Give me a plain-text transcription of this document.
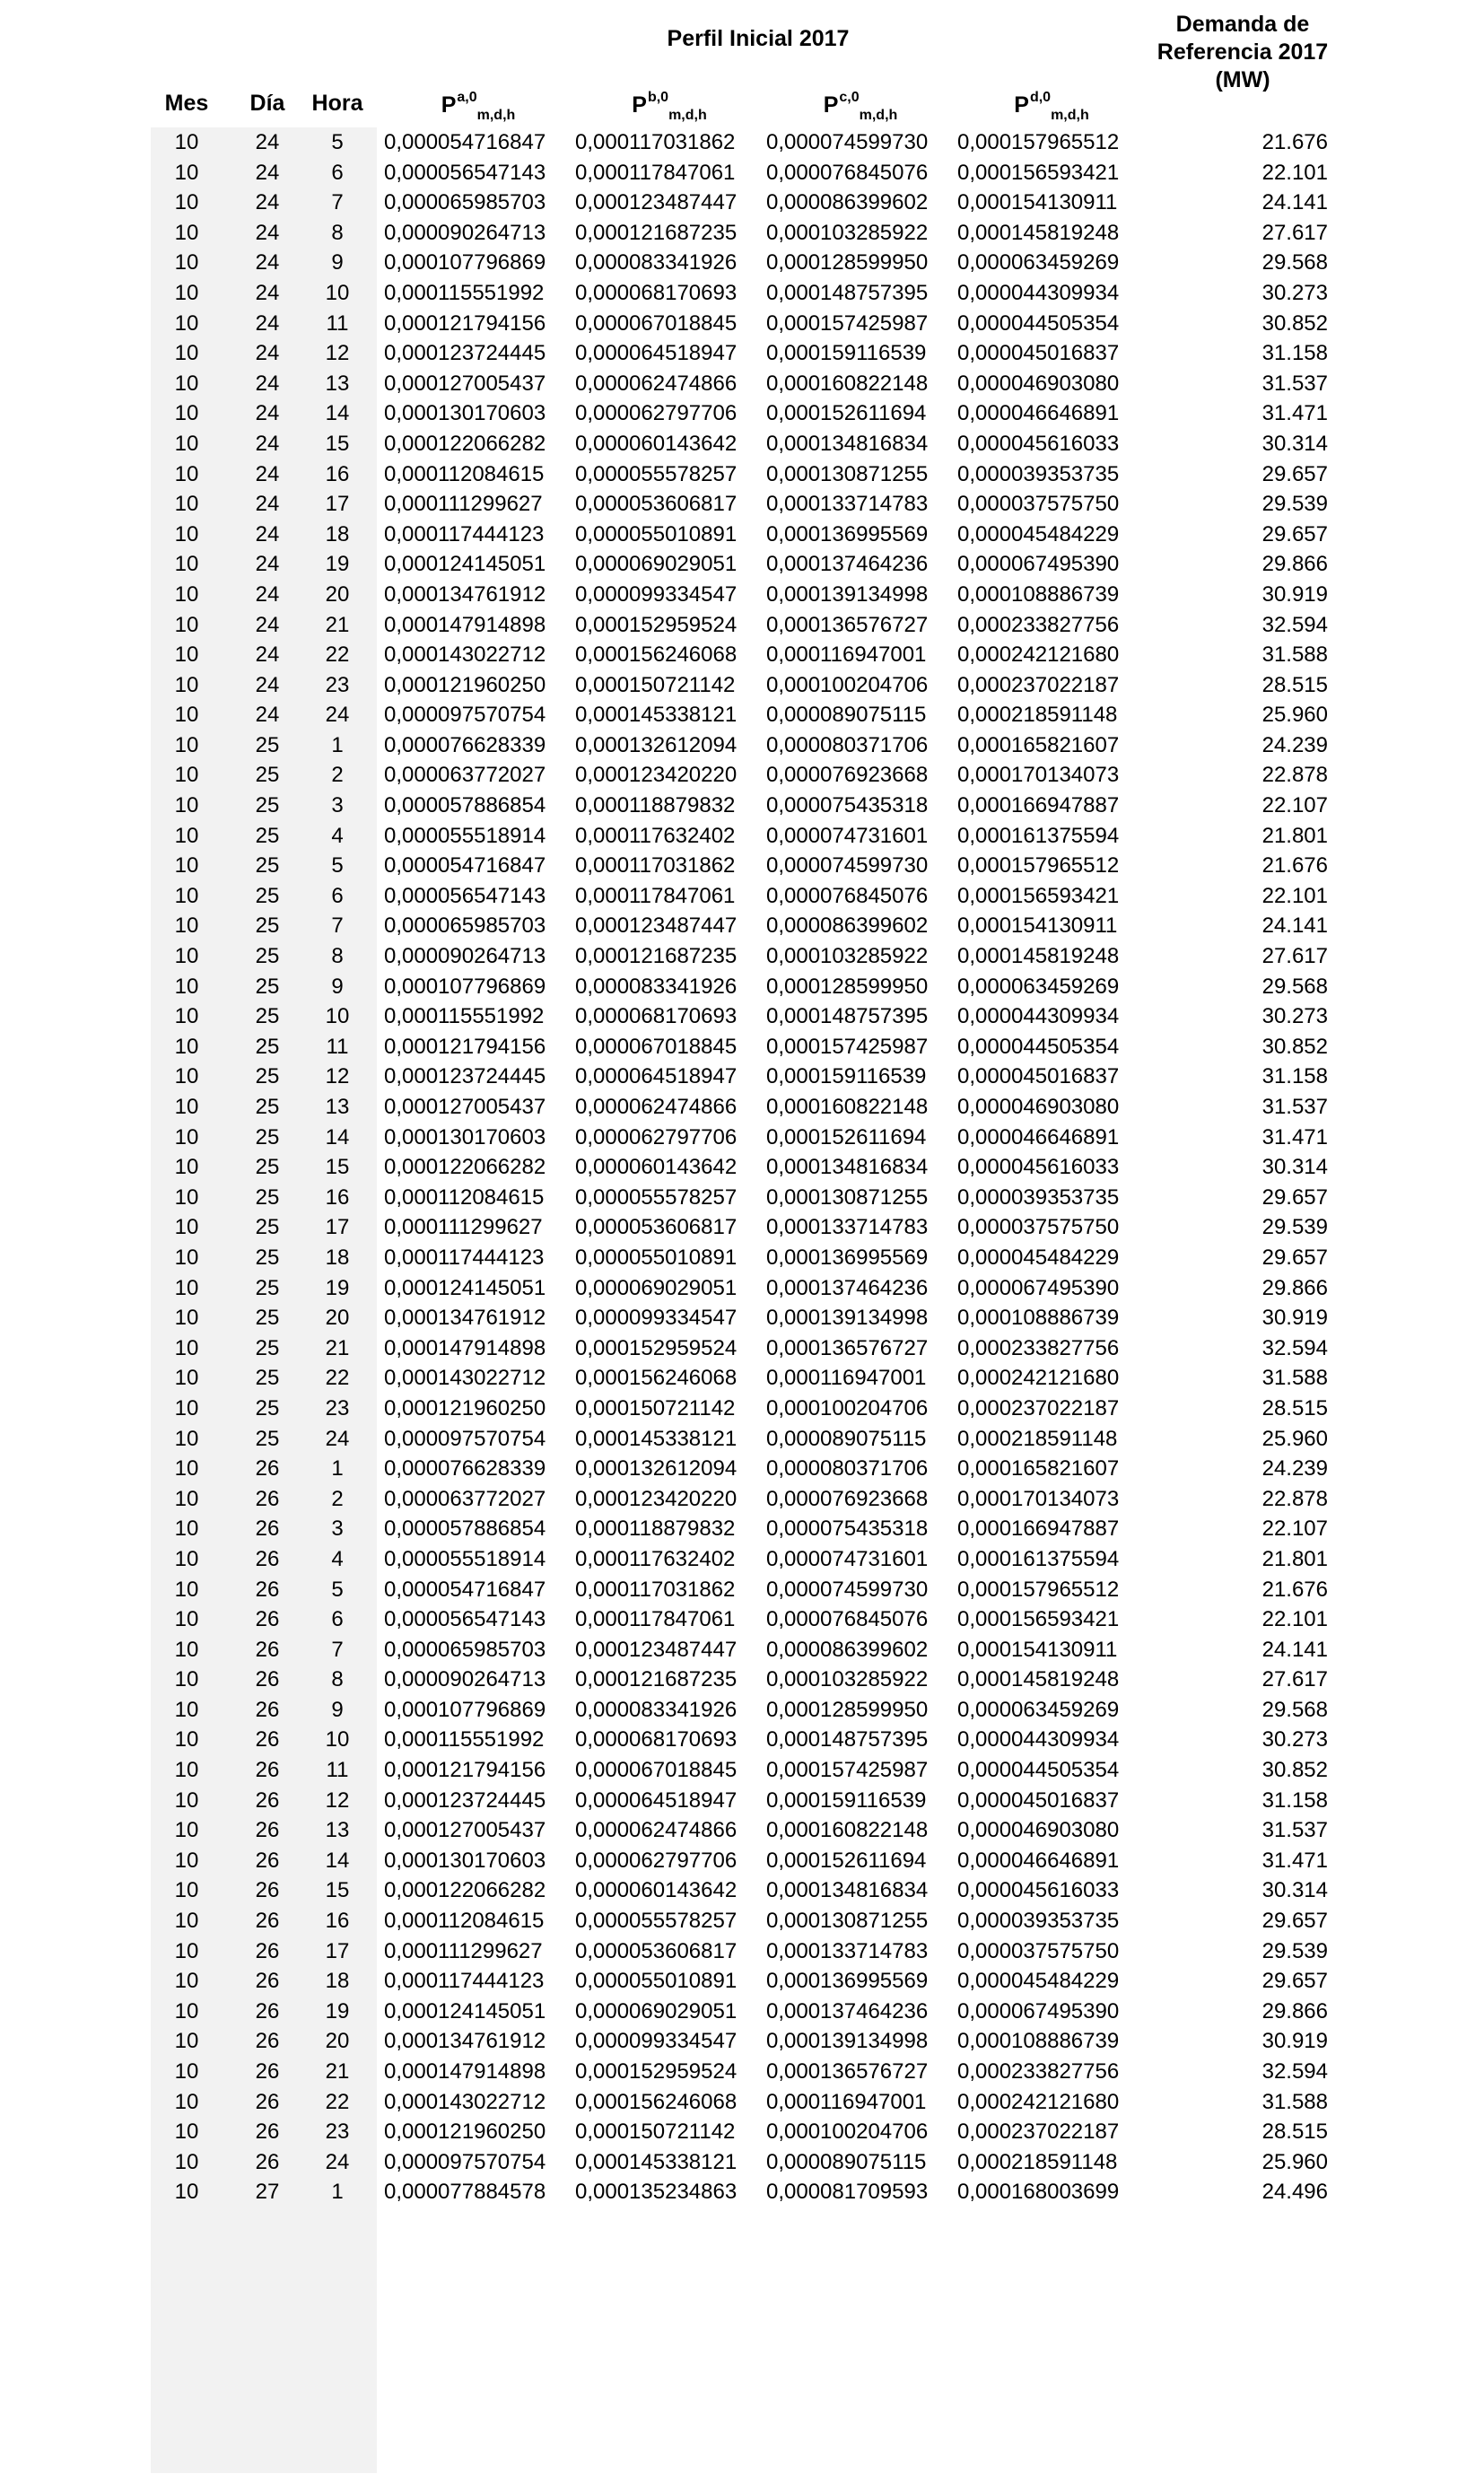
Perfil Inicial 2017
Demanda de
Referencia 2017
(MW)
Mes	Día	Hora	P$^{a,0}_{m,d,h}$	P$^{b,0}_{m,d,h}$	P$^{c,0}_{m,d,h}$	P$^{d,0}_{m,d,h}$
10	24	5	0,000054716847 0,000117031862 0,000074599730 0,000157965512	21.676
10	24	6	0,000056547143 0,000117847061 0,000076845076 0,000156593421	22.101
10	24	7	0,000065985703 0,000123487447 0,000086399602 0,000154130911	24.141
10	24	8	0,000090264713 0,000121687235 0,000103285922 0,000145819248	27.617
10	24	9	0,000107796869 0,000083341926 0,000128599950 0,000063459269	29.568
10	24	10	0,000115551992 0,000068170693 0,000148757395 0,000044309934	30.273
10	24	11	0,000121794156 0,000067018845 0,000157425987 0,000044505354	30.852
10	24	12	0,000123724445 0,000064518947 0,000159116539 0,000045016837	31.158
10	24	13	0,000127005437 0,000062474866 0,000160822148 0,000046903080	31.537
10	24	14	0,000130170603 0,000062797706 0,000152611694 0,000046646891	31.471
10	24	15	0,000122066282 0,000060143642 0,000134816834 0,000045616033	30.314
10	24	16	0,000112084615 0,000055578257 0,000130871255 0,000039353735	29.657
10	24	17	0,000111299627 0,000053606817 0,000133714783 0,000037575750	29.539
10	24	18	0,000117444123 0,000055010891 0,000136995569 0,000045484229	29.657
10	24	19	0,000124145051 0,000069029051 0,000137464236 0,000067495390	29.866
10	24	20	0,000134761912 0,000099334547 0,000139134998 0,000108886739	30.919
10	24	21	0,000147914898 0,000152959524 0,000136576727 0,000233827756	32.594
10	24	22	0,000143022712 0,000156246068 0,000116947001 0,000242121680	31.588
10	24	23	0,000121960250 0,000150721142 0,000100204706 0,000237022187	28.515
10	24	24	0,000097570754 0,000145338121 0,000089075115 0,000218591148	25.960
10	25	1	0,000076628339 0,000132612094 0,000080371706 0,000165821607	24.239
10	25	2	0,000063772027 0,000123420220 0,000076923668 0,000170134073	22.878
10	25	3	0,000057886854 0,000118879832 0,000075435318 0,000166947887	22.107
10	25	4	0,000055518914 0,000117632402 0,000074731601 0,000161375594	21.801
10	25	5	0,000054716847 0,000117031862 0,000074599730 0,000157965512	21.676
10	25	6	0,000056547143 0,000117847061 0,000076845076 0,000156593421	22.101
10	25	7	0,000065985703 0,000123487447 0,000086399602 0,000154130911	24.141
10	25	8	0,000090264713 0,000121687235 0,000103285922 0,000145819248	27.617
10	25	9	0,000107796869 0,000083341926 0,000128599950 0,000063459269	29.568
10	25	10	0,000115551992 0,000068170693 0,000148757395 0,000044309934	30.273
10	25	11	0,000121794156 0,000067018845 0,000157425987 0,000044505354	30.852
10	25	12	0,000123724445 0,000064518947 0,000159116539 0,000045016837	31.158
10	25	13	0,000127005437 0,000062474866 0,000160822148 0,000046903080	31.537
10	25	14	0,000130170603 0,000062797706 0,000152611694 0,000046646891	31.471
10	25	15	0,000122066282 0,000060143642 0,000134816834 0,000045616033	30.314
10	25	16	0,000112084615 0,000055578257 0,000130871255 0,000039353735	29.657
10	25	17	0,000111299627 0,000053606817 0,000133714783 0,000037575750	29.539
10	25	18	0,000117444123 0,000055010891 0,000136995569 0,000045484229	29.657
10	25	19	0,000124145051 0,000069029051 0,000137464236 0,000067495390	29.866
10	25	20	0,000134761912 0,000099334547 0,000139134998 0,000108886739	30.919
10	25	21	0,000147914898 0,000152959524 0,000136576727 0,000233827756	32.594
10	25	22	0,000143022712 0,000156246068 0,000116947001 0,000242121680	31.588
10	25	23	0,000121960250 0,000150721142 0,000100204706 0,000237022187	28.515
10	25	24	0,000097570754 0,000145338121 0,000089075115 0,000218591148	25.960
10	26	1	0,000076628339 0,000132612094 0,000080371706 0,000165821607	24.239
10	26	2	0,000063772027 0,000123420220 0,000076923668 0,000170134073	22.878
10	26	3	0,000057886854 0,000118879832 0,000075435318 0,000166947887	22.107
10	26	4	0,000055518914 0,000117632402 0,000074731601 0,000161375594	21.801
10	26	5	0,000054716847 0,000117031862 0,000074599730 0,000157965512	21.676
10	26	6	0,000056547143 0,000117847061 0,000076845076 0,000156593421	22.101
10	26	7	0,000065985703 0,000123487447 0,000086399602 0,000154130911	24.141
10	26	8	0,000090264713 0,000121687235 0,000103285922 0,000145819248	27.617
10	26	9	0,000107796869 0,000083341926 0,000128599950 0,000063459269	29.568
10	26	10	0,000115551992 0,000068170693 0,000148757395 0,000044309934	30.273
10	26	11	0,000121794156 0,000067018845 0,000157425987 0,000044505354	30.852
10	26	12	0,000123724445 0,000064518947 0,000159116539 0,000045016837	31.158
10	26	13	0,000127005437 0,000062474866 0,000160822148 0,000046903080	31.537
10	26	14	0,000130170603 0,000062797706 0,000152611694 0,000046646891	31.471
10	26	15	0,000122066282 0,000060143642 0,000134816834 0,000045616033	30.314
10	26	16	0,000112084615 0,000055578257 0,000130871255 0,000039353735	29.657
10	26	17	0,000111299627 0,000053606817 0,000133714783 0,000037575750	29.539
10	26	18	0,000117444123 0,000055010891 0,000136995569 0,000045484229	29.657
10	26	19	0,000124145051 0,000069029051 0,000137464236 0,000067495390	29.866
10	26	20	0,000134761912 0,000099334547 0,000139134998 0,000108886739	30.919
10	26	21	0,000147914898 0,000152959524 0,000136576727 0,000233827756	32.594
10	26	22	0,000143022712 0,000156246068 0,000116947001 0,000242121680	31.588
10	26	23	0,000121960250 0,000150721142 0,000100204706 0,000237022187	28.515
10	26	24	0,000097570754 0,000145338121 0,000089075115 0,000218591148	25.960
10	27	1	0,000077884578 0,000135234863 0,000081709593 0,000168003699	24.496
